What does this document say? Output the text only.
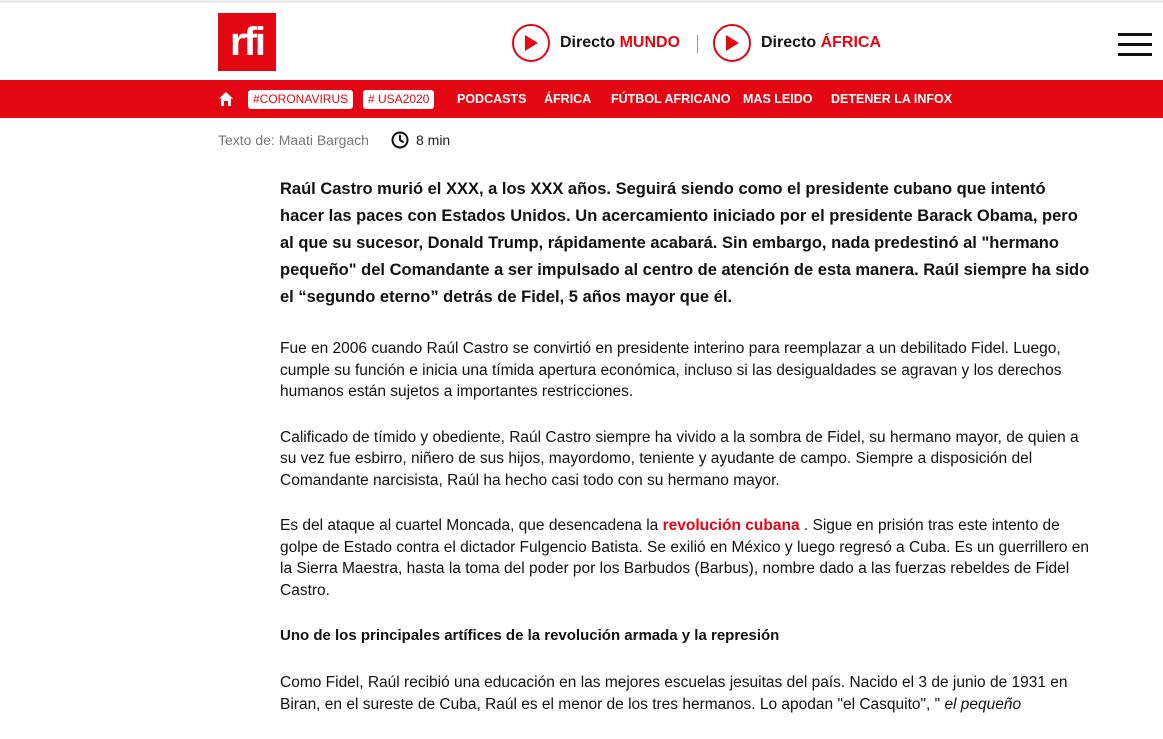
rfi	Directo MUNDO	Directo ÁFRICA
#CORONAVIRUS	# USA2020	PODCASTS ÁFRICA FÚTBOL AFRICANO MAS LEIDO DETENER LA INFOX
Texto de: Maati Bargach	8 min

Raúl Castro murió el XXX, a los XXX años. Seguirá siendo como el presidente cubano que intentó hacer las paces con Estados Unidos. Un acercamiento iniciado por el presidente Barack Obama, pero al que su sucesor, Donald Trump, rápidamente acabará. Sin embargo, nada predestinó al "hermano pequeño" del Comandante a ser impulsado al centro de atención de esta manera. Raúl siempre ha sido el “segundo eterno” detrás de Fidel, 5 años mayor que él.

Fue en 2006 cuando Raúl Castro se convirtió en presidente interino para reemplazar a un debilitado Fidel. Luego, cumple su función e inicia una tímida apertura económica, incluso si las desigualdades se agravan y los derechos humanos están sujetos a importantes restricciones.

Calificado de tímido y obediente, Raúl Castro siempre ha vivido a la sombra de Fidel, su hermano mayor, de quien a su vez fue esbirro, niñero de sus hijos, mayordomo, teniente y ayudante de campo. Siempre a disposición del Comandante narcisista, Raúl ha hecho casi todo con su hermano mayor.

Es del ataque al cuartel Moncada, que desencadena la revolución cubana . Sigue en prisión tras este intento de golpe de Estado contra el dictador Fulgencio Batista. Se exilió en México y luego regresó a Cuba. Es un guerrillero en la Sierra Maestra, hasta la toma del poder por los Barbudos (Barbus), nombre dado a las fuerzas rebeldes de Fidel Castro.

Uno de los principales artífices de la revolución armada y la represión

Como Fidel, Raúl recibió una educación en las mejores escuelas jesuitas del país. Nacido el 3 de junio de 1931 en Biran, en el sureste de Cuba, Raúl es el menor de los tres hermanos. Lo apodan "el Casquito", " el pequeño
